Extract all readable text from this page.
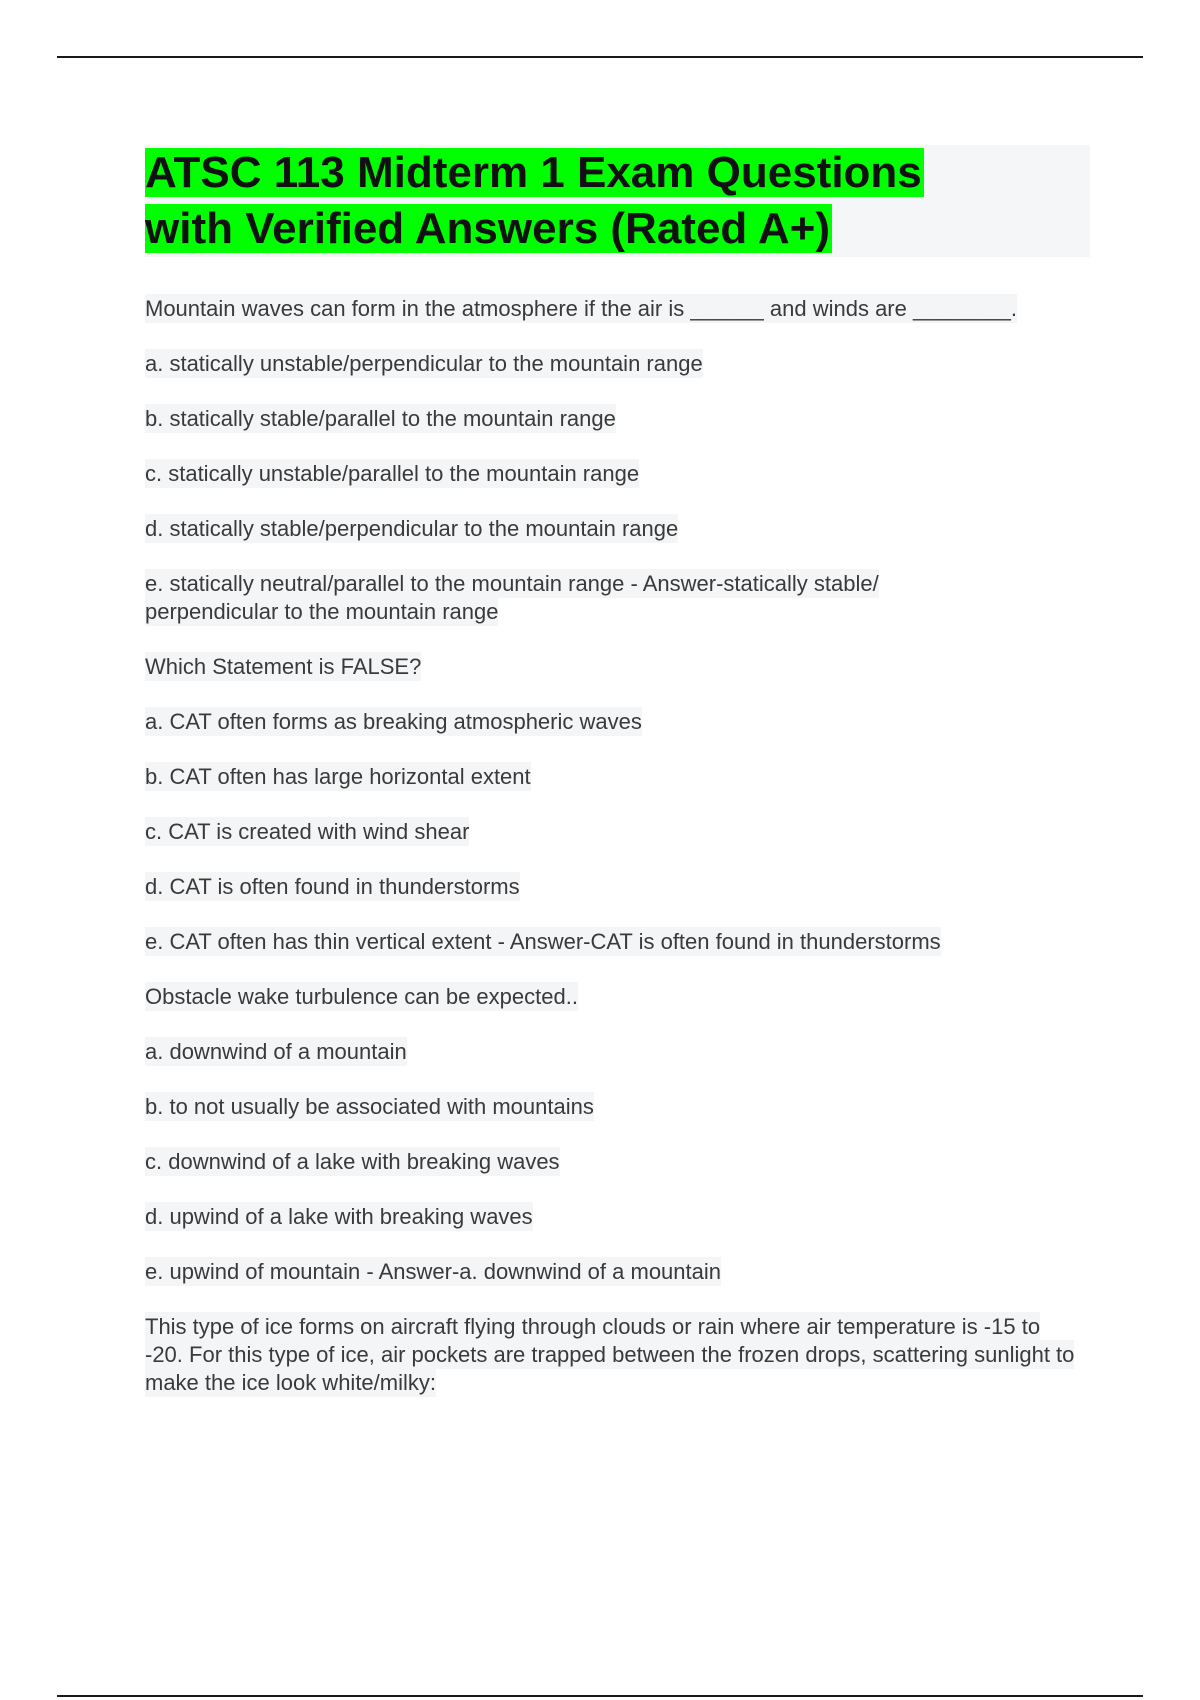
ATSC 113 Midterm 1 Exam Questions
with Verified Answers (Rated A+)

Mountain waves can form in the atmosphere if the air is ______ and winds are ________.

a. statically unstable/perpendicular to the mountain range

b. statically stable/parallel to the mountain range

c. statically unstable/parallel to the mountain range

d. statically stable/perpendicular to the mountain range

e. statically neutral/parallel to the mountain range - Answer-statically stable/ perpendicular to the mountain range

Which Statement is FALSE?

a. CAT often forms as breaking atmospheric waves

b. CAT often has large horizontal extent

c. CAT is created with wind shear

d. CAT is often found in thunderstorms

e. CAT often has thin vertical extent - Answer-CAT is often found in thunderstorms

Obstacle wake turbulence can be expected..

a. downwind of a mountain

b. to not usually be associated with mountains

c. downwind of a lake with breaking waves

d. upwind of a lake with breaking waves

e. upwind of mountain - Answer-a. downwind of a mountain

This type of ice forms on aircraft flying through clouds or rain where air temperature is -15 to -20. For this type of ice, air pockets are trapped between the frozen drops, scattering sunlight to make the ice look white/milky:
